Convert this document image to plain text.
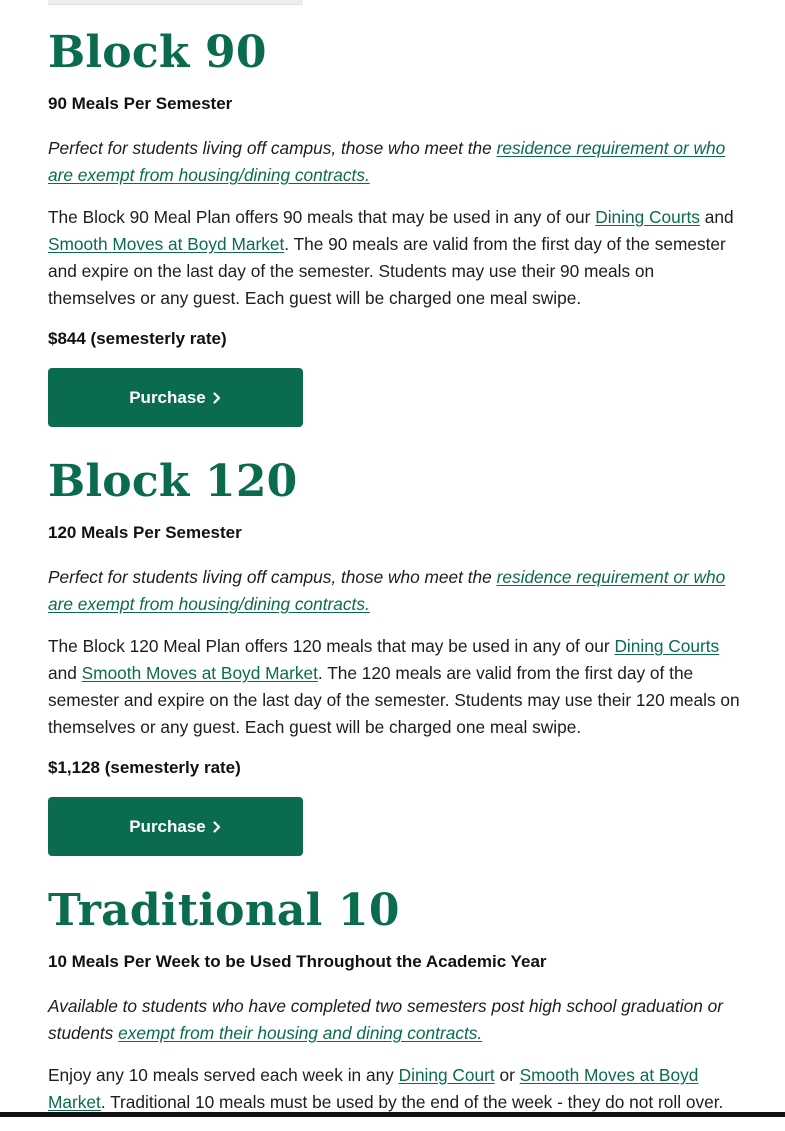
Block 90
90 Meals Per Semester

Perfect for students living off campus, those who meet the residence requirement or who are exempt from housing/dining contracts.

The Block 90 Meal Plan offers 90 meals that may be used in any of our Dining Courts and Smooth Moves at Boyd Market. The 90 meals are valid from the first day of the semester and expire on the last day of the semester. Students may use their 90 meals on themselves or any guest. Each guest will be charged one meal swipe.

$844 (semesterly rate)
Purchase
Block 120
120 Meals Per Semester

Perfect for students living off campus, those who meet the residence requirement or who are exempt from housing/dining contracts.

The Block 120 Meal Plan offers 120 meals that may be used in any of our Dining Courts and Smooth Moves at Boyd Market. The 120 meals are valid from the first day of the semester and expire on the last day of the semester. Students may use their 120 meals on themselves or any guest. Each guest will be charged one meal swipe.

$1,128 (semesterly rate)
Purchase
Traditional 10
10 Meals Per Week to be Used Throughout the Academic Year

Available to students who have completed two semesters post high school graduation or students exempt from their housing and dining contracts.

Enjoy any 10 meals served each week in any Dining Court or Smooth Moves at Boyd Market. Traditional 10 meals must be used by the end of the week - they do not roll over.
